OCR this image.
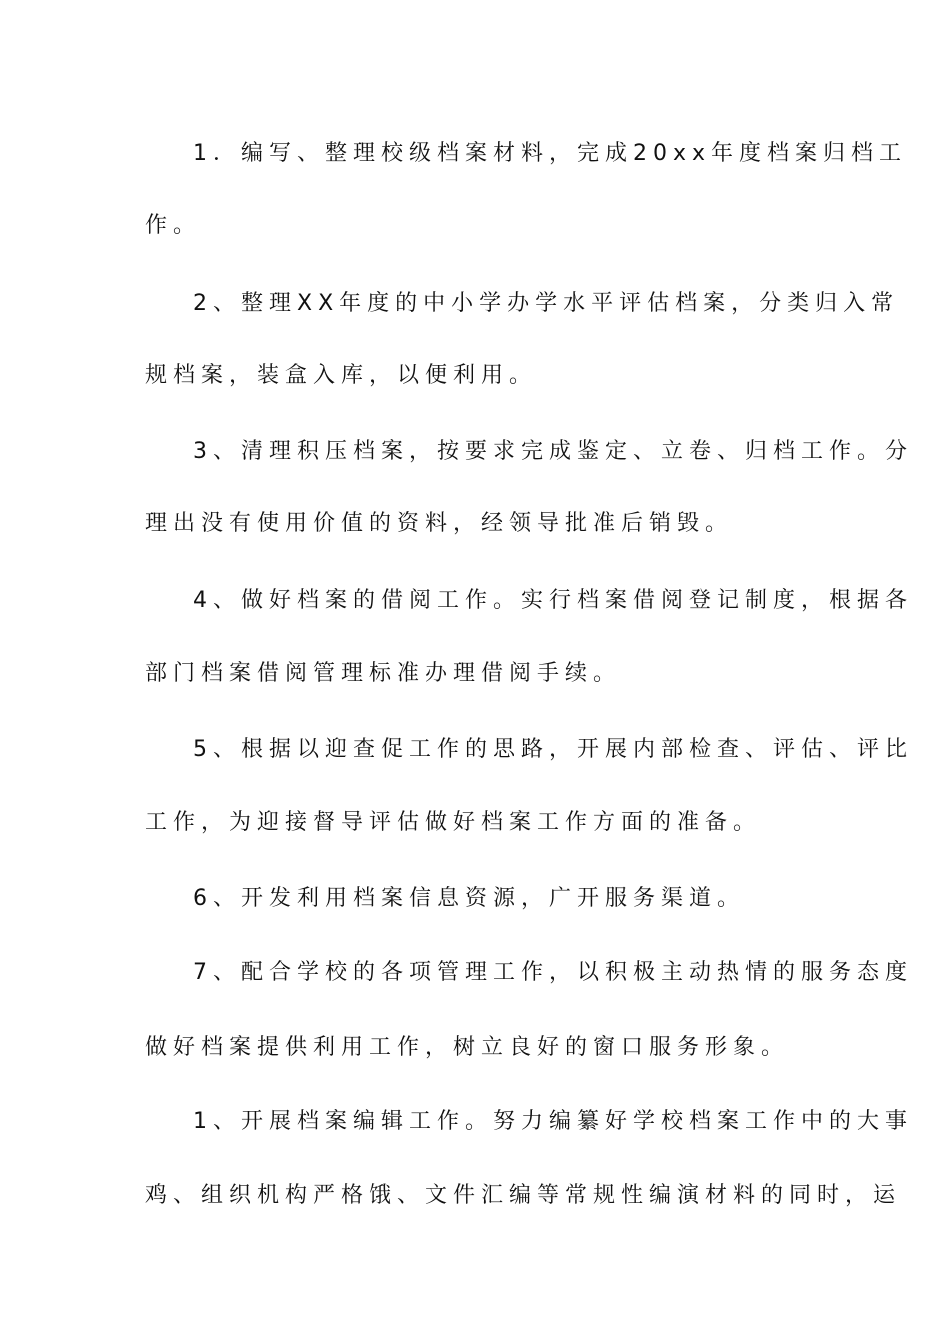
1．编写、整理校级档案材料，完成20xx年度档案归档工
作。
2、整理XX年度的中小学办学水平评估档案，分类归入常
规档案，装盒入库，以便利用。
3、清理积压档案，按要求完成鉴定、立卷、归档工作。分
理出没有使用价值的资料，经领导批准后销毁。
4、做好档案的借阅工作。实行档案借阅登记制度，根据各
部门档案借阅管理标准办理借阅手续。
5、根据以迎查促工作的思路，开展内部检查、评估、评比
工作，为迎接督导评估做好档案工作方面的准备。
6、开发利用档案信息资源，广开服务渠道。
7、配合学校的各项管理工作，以积极主动热情的服务态度
做好档案提供利用工作，树立良好的窗口服务形象。
1、开展档案编辑工作。努力编纂好学校档案工作中的大事
鸡、组织机构严格饿、文件汇编等常规性编演材料的同时，运
